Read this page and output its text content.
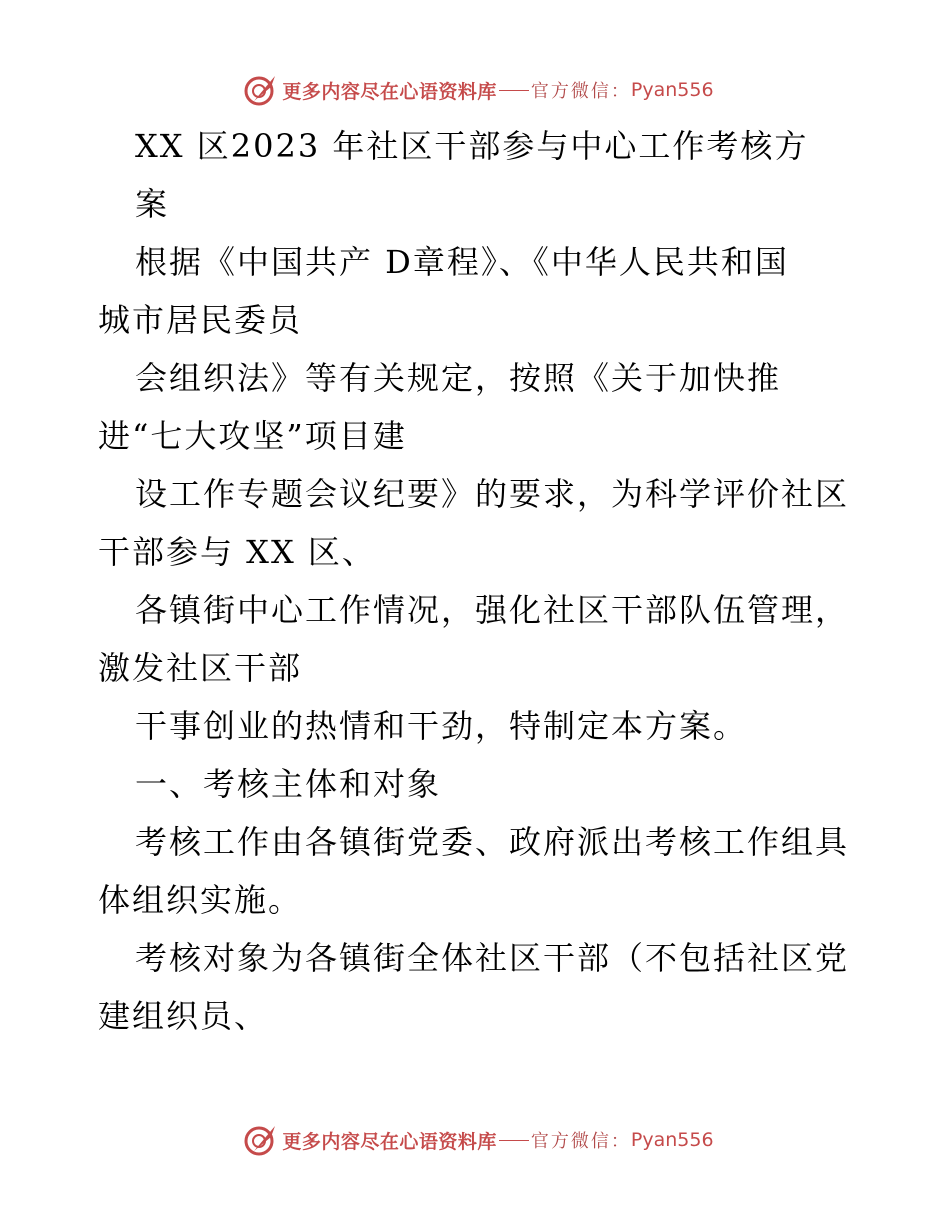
更多内容尽在心语资料库 官方微信： Pyan556
XX 区2023 年社区干部参与中心工作考核方
案
根据《中国共产 D章程》、《中华人民共和国
城市居民委员
会组织法》等有关规定，按照《关于加快推
进“七大攻坚”项目建
设工作专题会议纪要》的要求，为科学评价社区
干部参与 XX 区、
各镇街中心工作情况，强化社区干部队伍管理，
激发社区干部
干事创业的热情和干劲，特制定本方案。
一、考核主体和对象
考核工作由各镇街党委、政府派出考核工作组具
体组织实施。
考核对象为各镇街全体社区干部（不包括社区党
建组织员、
更多内容尽在心语资料库 官方微信： Pyan556
